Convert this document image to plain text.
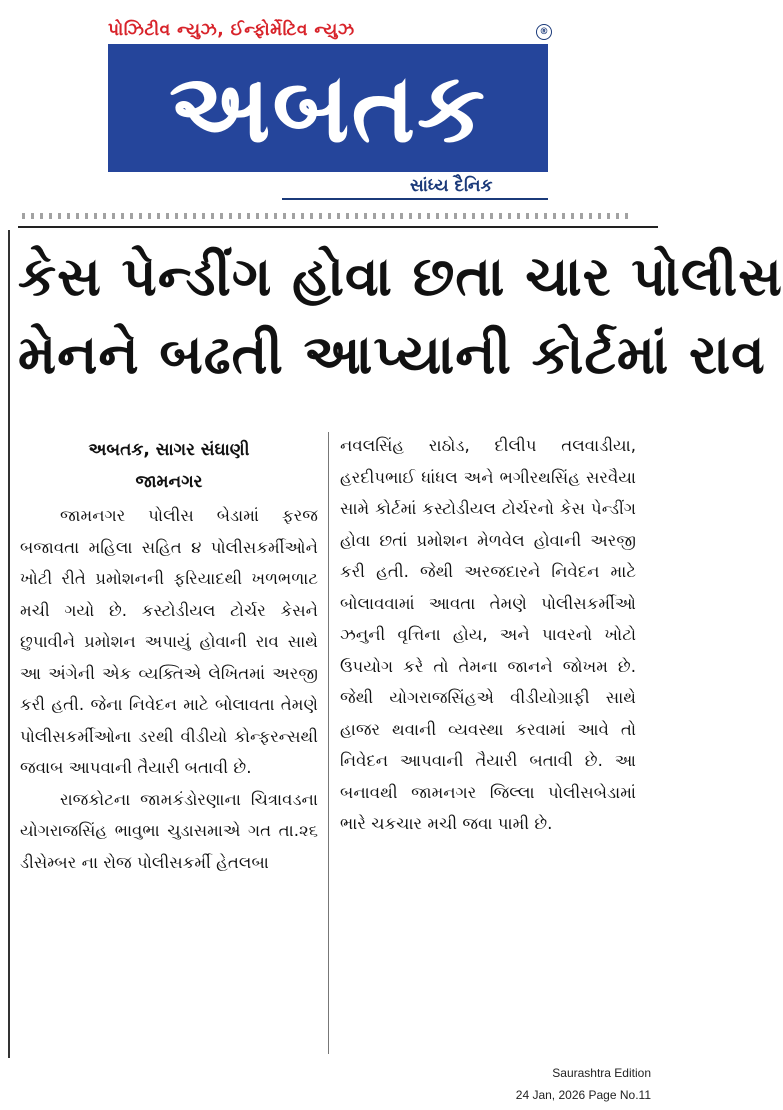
પોઝિટીવ ન્યુઝ, ઈન્ફોર્મેટિવ ન્યુઝ	®
અબતક
સાંધ્ય દૈનિક
કેસ પેન્ડીંગ હોવા છતા ચાર પોલીસ
મેનને બઢતી આપ્યાની કોર્ટમાં રાવ
અબતક, સાગર સંઘાણી
જામનગર

જામનગર પોલીસ બેડામાં ફરજ બજાવતા મહિલા સહિત ૪ પોલીસકર્મીઓને ખોટી રીતે પ્રમોશનની ફરિયાદથી ખળભળાટ મચી ગયો છે. કસ્ટોડીયલ ટોર્ચર કેસને છુપાવીને પ્રમોશન અપાયું હોવાની રાવ સાથે આ અંગેની એક વ્યક્તિએ લેખિતમાં અરજી કરી હતી. જેના નિવેદન માટે બોલાવતા તેમણે પોલીસકર્મીઓના ડરથી વીડીયો કોન્ફરન્સથી જવાબ આપવાની તૈયારી બતાવી છે.

રાજકોટના જામકંડોરણાના ચિત્રાવડના યોગરાજસિંહ ભાવુભા ચુડાસમાએ ગત તા.૨૬ ડીસેમ્બર ના રોજ પોલીસકર્મી હેતલબા

નવલસિંહ રાઠોડ, દીલીપ તલવાડીયા, હરદીપભાઈ ધાંધલ અને ભગીરથસિંહ સરવૈયા સામે કોર્ટમાં કસ્ટોડીયલ ટોર્ચરનો કેસ પેન્ડીંગ હોવા છતાં પ્રમોશન મેળવેલ હોવાની અરજી કરી હતી. જેથી અરજદારને નિવેદન માટે બોલાવવામાં આવતા તેમણે પોલીસકર્મીઓ ઝનુની વૃત્તિના હોય, અને પાવરનો ખોટો ઉપયોગ કરે તો તેમના જાનને જોખમ છે. જેથી યોગરાજસિંહએ વીડીયોગ્રાફી સાથે હાજર થવાની વ્યવસ્થા કરવામાં આવે તો નિવેદન આપવાની તૈયારી બતાવી છે. આ બનાવથી જામનગર જિલ્લા પોલીસબેડામાં ભારે ચકચાર મચી જવા પામી છે.

Saurashtra Edition
24 Jan, 2026 Page No.11
